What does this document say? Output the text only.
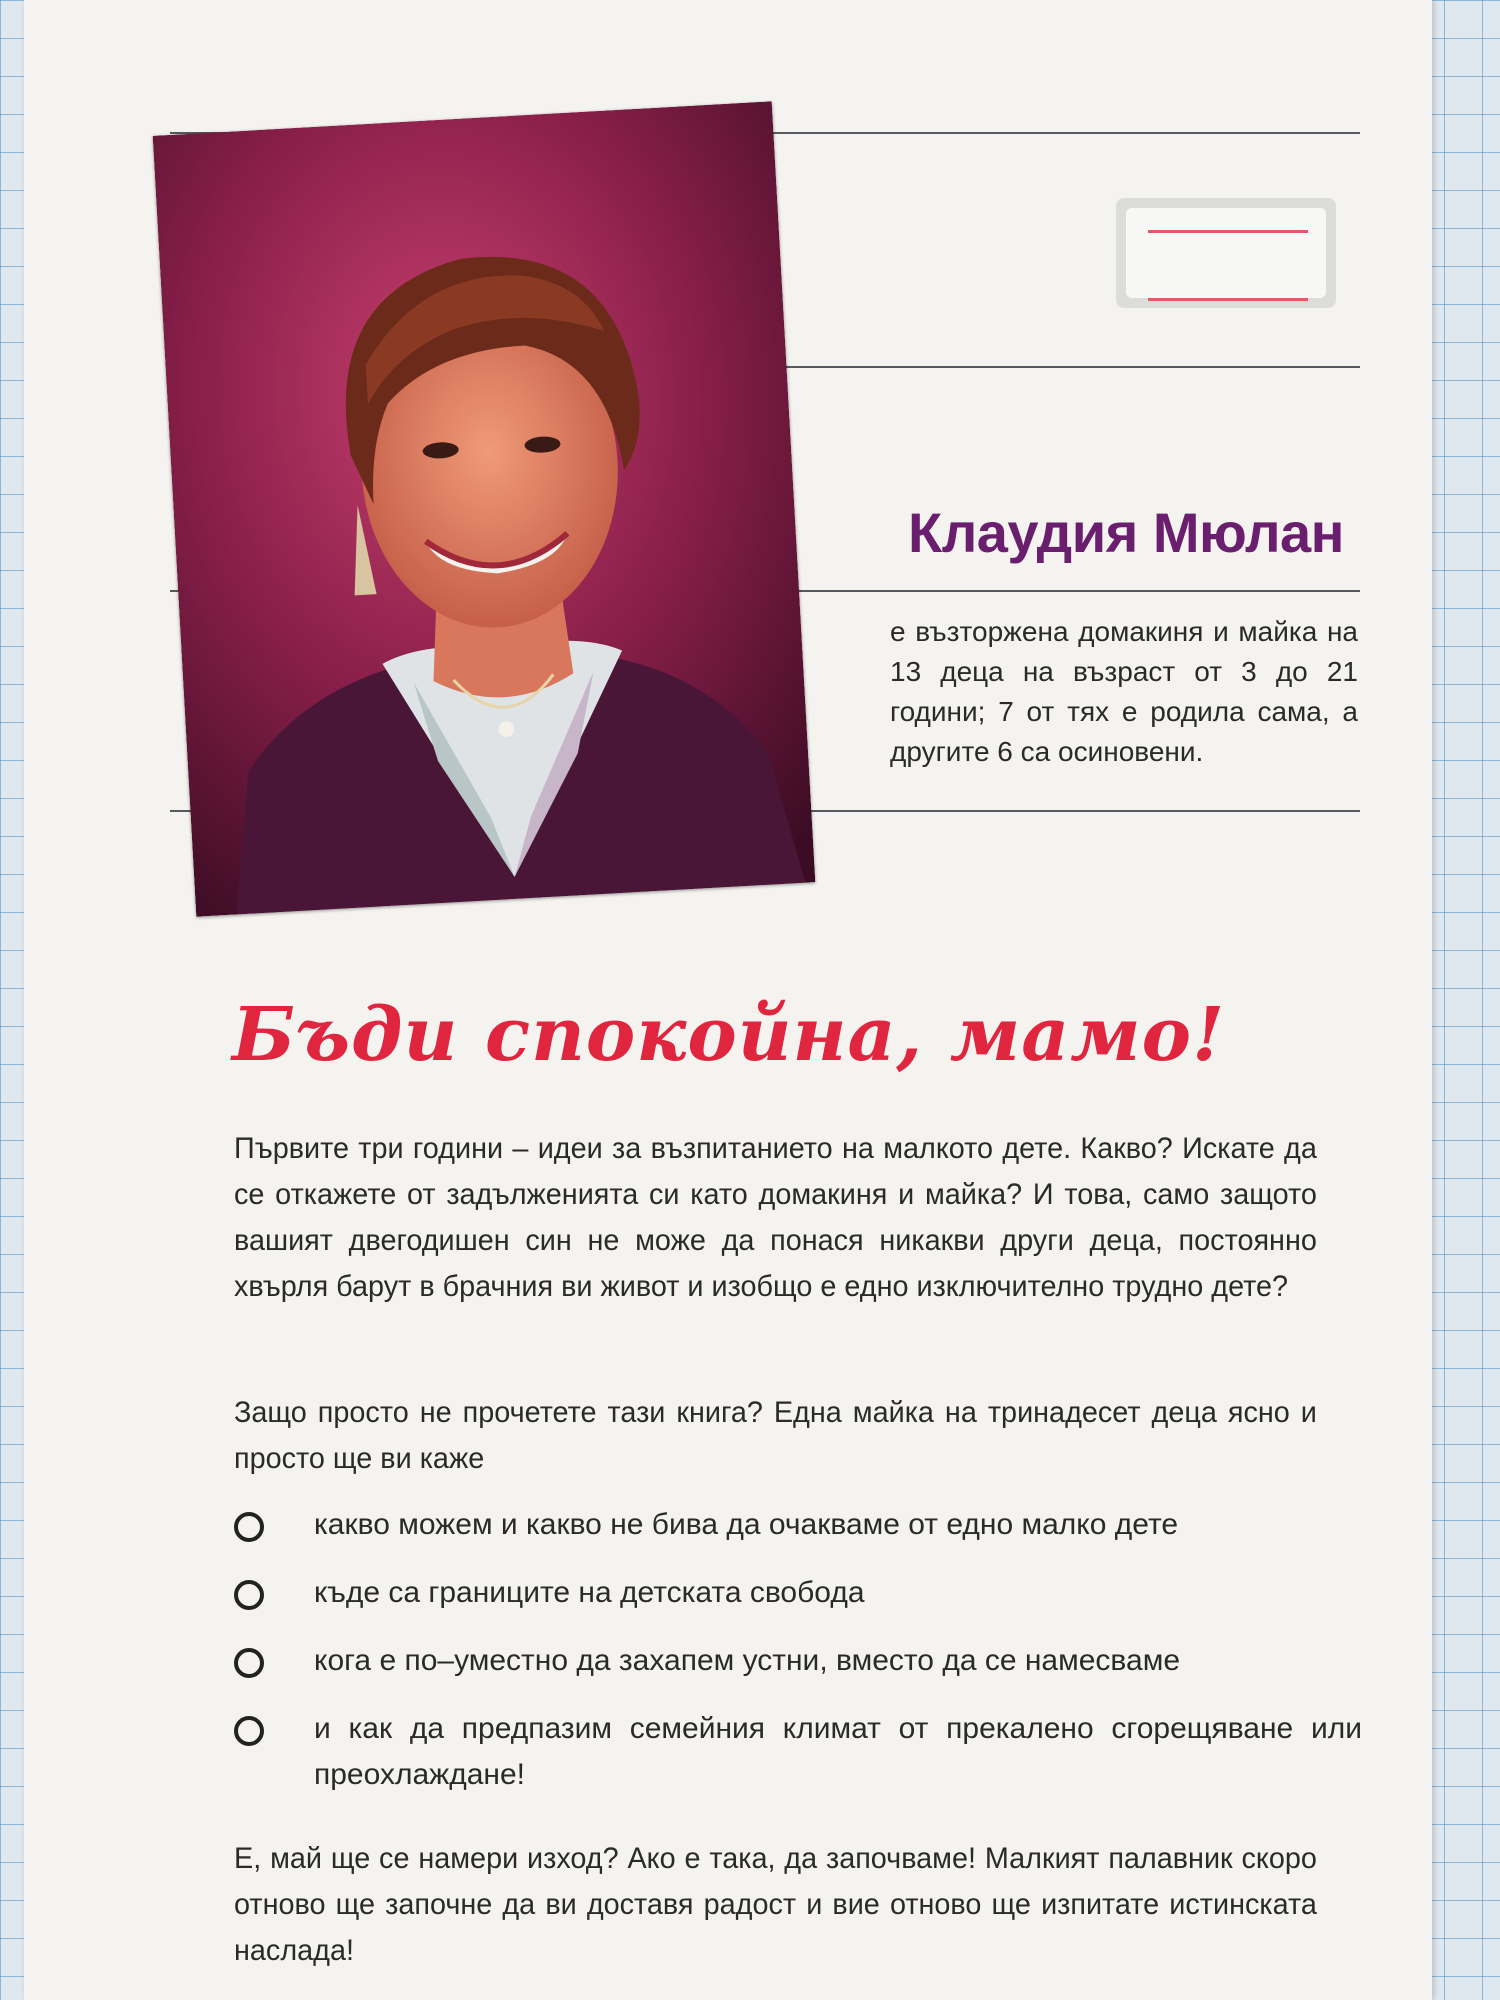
Клаудия Мюлан
е възторжена домакиня и майка на 13 деца на възраст от 3 до 21 години; 7 от тях е родила сама, а другите 6 са осиновени.
Бъди спокойна, мамо!

Първите три години – идеи за възпитанието на малкото дете. Какво? Искате да се откажете от задълженията си като домакиня и майка? И това, само защото вашият двегодишен син не може да понася никакви други деца, постоянно хвърля барут в брачния ви живот и изобщо е едно изключително трудно дете?

Защо просто не прочетете тази книга? Една майка на тринадесет деца ясно и просто ще ви каже

какво можем и какво не бива да очакваме от едно малко дете
къде са границите на детската свобода
кога е по–уместно да захапем устни, вместо да се намесваме
и как да предпазим семейния климат от прекалено сгорещяване или преохлаждане!

Е, май ще се намери изход? Ако е така, да започваме! Малкият палавник скоро отново ще започне да ви доставя радост и вие отново ще изпитате истинската наслада!
